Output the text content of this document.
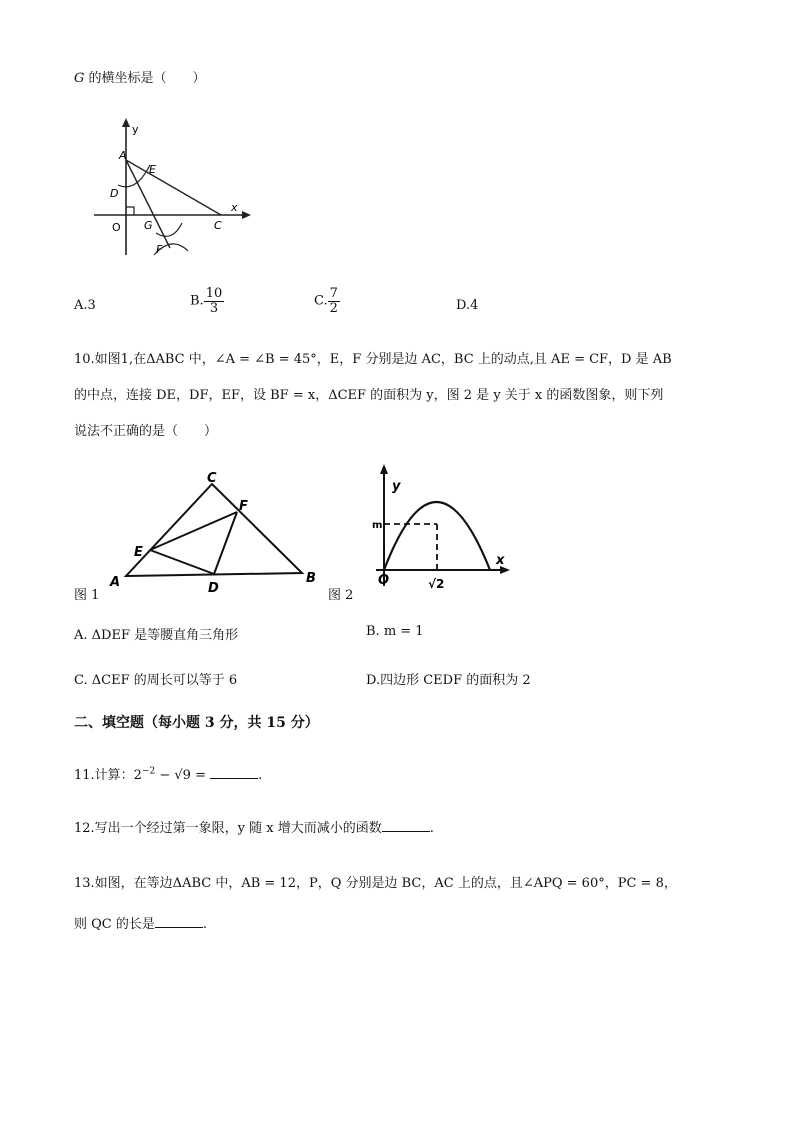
G 的横坐标是（　　）
y
A
E
D
x
O G	C
F
A.3	B. $\frac{10}{3}$	C. $\frac{7}{2}$	D.4
10.如图1,在ΔABC 中，∠A = ∠B = 45°，E，F 分别是边 AC，BC 上的动点,且 AE = CF，D 是 AB
的中点，连接 DE，DF，EF，设 BF = x，ΔCEF 的面积为 y，图 2 是 y 关于 x 的函数图象，则下列
说法不正确的是（　　）
C
F
E
A	D
B
图 1
y
m
x
O	√2
图 2
A. ΔDEF 是等腰直角三角形	B. m = 1
C. ΔCEF 的周长可以等于 6	D.四边形 CEDF 的面积为 2
二、填空题（每小题 3 分，共 15 分）
11.计算：$2^{-2} - √9$ =	.
12.写出一个经过第一象限，y 随 x 增大而减小的函数	.
13.如图，在等边ΔABC 中，AB = 12，P，Q 分别是边 BC，AC 上的点，且∠APQ = 60°，PC = 8，
则 QC 的长是	.
